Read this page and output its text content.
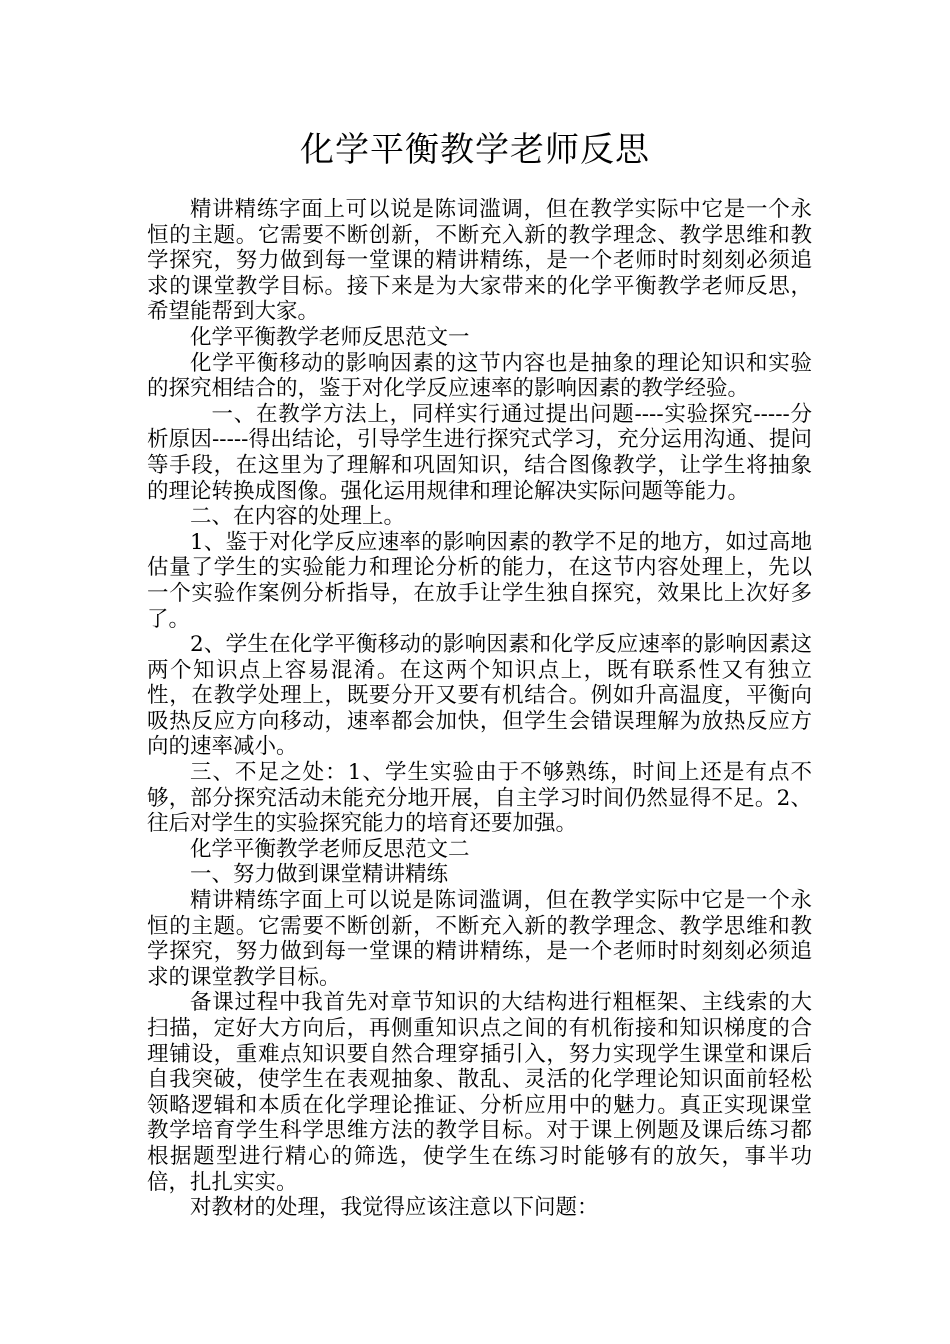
化学平衡教学老师反思

精讲精练字面上可以说是陈词滥调，但在教学实际中它是一个永恒的主题。它需要不断创新，不断充入新的教学理念、教学思维和教学探究，努力做到每一堂课的精讲精练，是一个老师时时刻刻必须追求的课堂教学目标。接下来是为大家带来的化学平衡教学老师反思，希望能帮到大家。

化学平衡教学老师反思范文一

化学平衡移动的影响因素的这节内容也是抽象的理论知识和实验的探究相结合的，鉴于对化学反应速率的影响因素的教学经验。

一、在教学方法上，同样实行通过提出问题----实验探究-----分析原因-----得出结论，引导学生进行探究式学习，充分运用沟通、提问等手段，在这里为了理解和巩固知识，结合图像教学，让学生将抽象的理论转换成图像。强化运用规律和理论解决实际问题等能力。

二、在内容的处理上。

1、鉴于对化学反应速率的影响因素的教学不足的地方，如过高地估量了学生的实验能力和理论分析的能力，在这节内容处理上，先以一个实验作案例分析指导，在放手让学生独自探究，效果比上次好多了。

2、学生在化学平衡移动的影响因素和化学反应速率的影响因素这两个知识点上容易混淆。在这两个知识点上，既有联系性又有独立性，在教学处理上，既要分开又要有机结合。例如升高温度，平衡向吸热反应方向移动，速率都会加快，但学生会错误理解为放热反应方向的速率减小。

三、不足之处：1、学生实验由于不够熟练，时间上还是有点不够，部分探究活动未能充分地开展，自主学习时间仍然显得不足。2、往后对学生的实验探究能力的培育还要加强。

化学平衡教学老师反思范文二

一、努力做到课堂精讲精练

精讲精练字面上可以说是陈词滥调，但在教学实际中它是一个永恒的主题。它需要不断创新，不断充入新的教学理念、教学思维和教学探究，努力做到每一堂课的精讲精练，是一个老师时时刻刻必须追求的课堂教学目标。

备课过程中我首先对章节知识的大结构进行粗框架、主线索的大扫描，定好大方向后，再侧重知识点之间的有机衔接和知识梯度的合理铺设，重难点知识要自然合理穿插引入，努力实现学生课堂和课后自我突破，使学生在表观抽象、散乱、灵活的化学理论知识面前轻松领略逻辑和本质在化学理论推证、分析应用中的魅力。真正实现课堂教学培育学生科学思维方法的教学目标。对于课上例题及课后练习都根据题型进行精心的筛选，使学生在练习时能够有的放矢，事半功倍，扎扎实实。

对教材的处理，我觉得应该注意以下问题：
